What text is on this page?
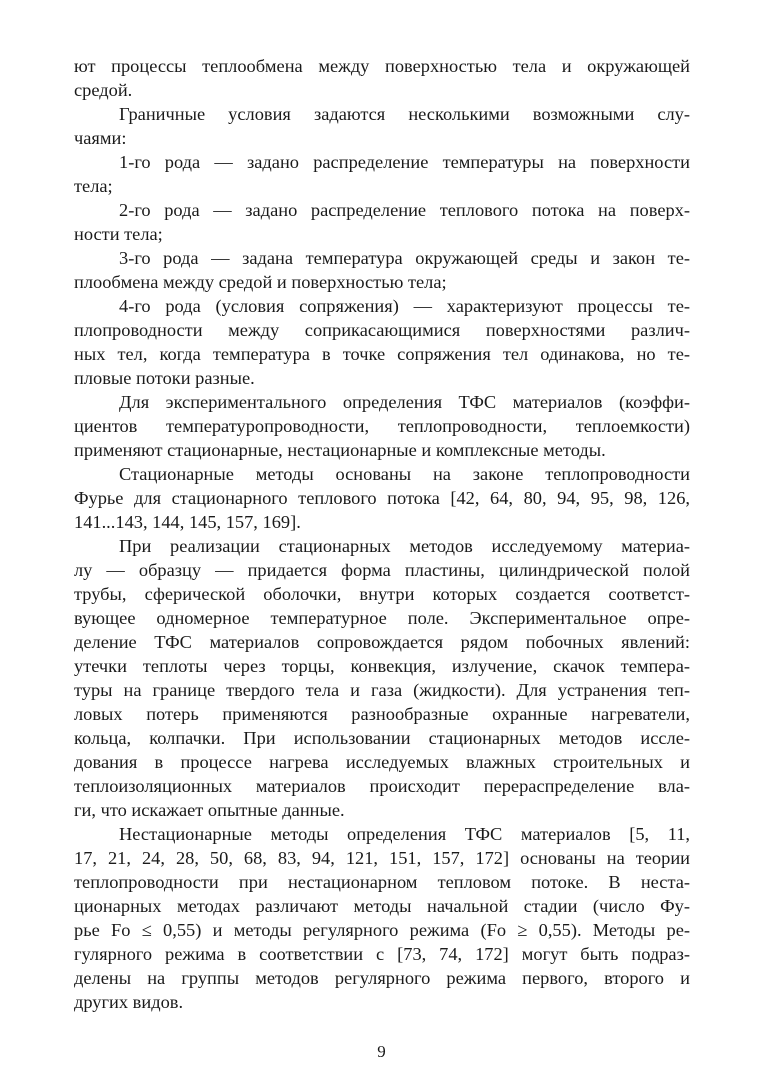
ют процессы теплообмена между поверхностью тела и окружающей
средой.
Граничные условия задаются несколькими возможными слу-
чаями:
1-го рода — задано распределение температуры на поверхности
тела;
2-го рода — задано распределение теплового потока на поверх-
ности тела;
3-го рода — задана температура окружающей среды и закон те-
плообмена между средой и поверхностью тела;
4-го рода (условия сопряжения) — характеризуют процессы те-
плопроводности между соприкасающимися поверхностями различ-
ных тел, когда температура в точке сопряжения тел одинакова, но те-
пловые потоки разные.
Для экспериментального определения ТФС материалов (коэффи-
циентов температуропроводности, теплопроводности, теплоемкости)
применяют стационарные, нестационарные и комплексные методы.
Стационарные методы основаны на законе теплопроводности
Фурье для стационарного теплового потока [42, 64, 80, 94, 95, 98, 126,
141...143, 144, 145, 157, 169].
При реализации стационарных методов исследуемому материа-
лу — образцу — придается форма пластины, цилиндрической полой
трубы, сферической оболочки, внутри которых создается соответст-
вующее одномерное температурное поле. Экспериментальное опре-
деление ТФС материалов сопровождается рядом побочных явлений:
утечки теплоты через торцы, конвекция, излучение, скачок темпера-
туры на границе твердого тела и газа (жидкости). Для устранения теп-
ловых потерь применяются разнообразные охранные нагреватели,
кольца, колпачки. При использовании стационарных методов иссле-
дования в процессе нагрева исследуемых влажных строительных и
теплоизоляционных материалов происходит перераспределение вла-
ги, что искажает опытные данные.
Нестационарные методы определения ТФС материалов [5, 11,
17, 21, 24, 28, 50, 68, 83, 94, 121, 151, 157, 172] основаны на теории
теплопроводности при нестационарном тепловом потоке. В неста-
ционарных методах различают методы начальной стадии (число Фу-
рье Fo ≤ 0,55) и методы регулярного режима (Fo ≥ 0,55). Методы ре-
гулярного режима в соответствии с [73, 74, 172] могут быть подраз-
делены на группы методов регулярного режима первого, второго и
других видов.
9
